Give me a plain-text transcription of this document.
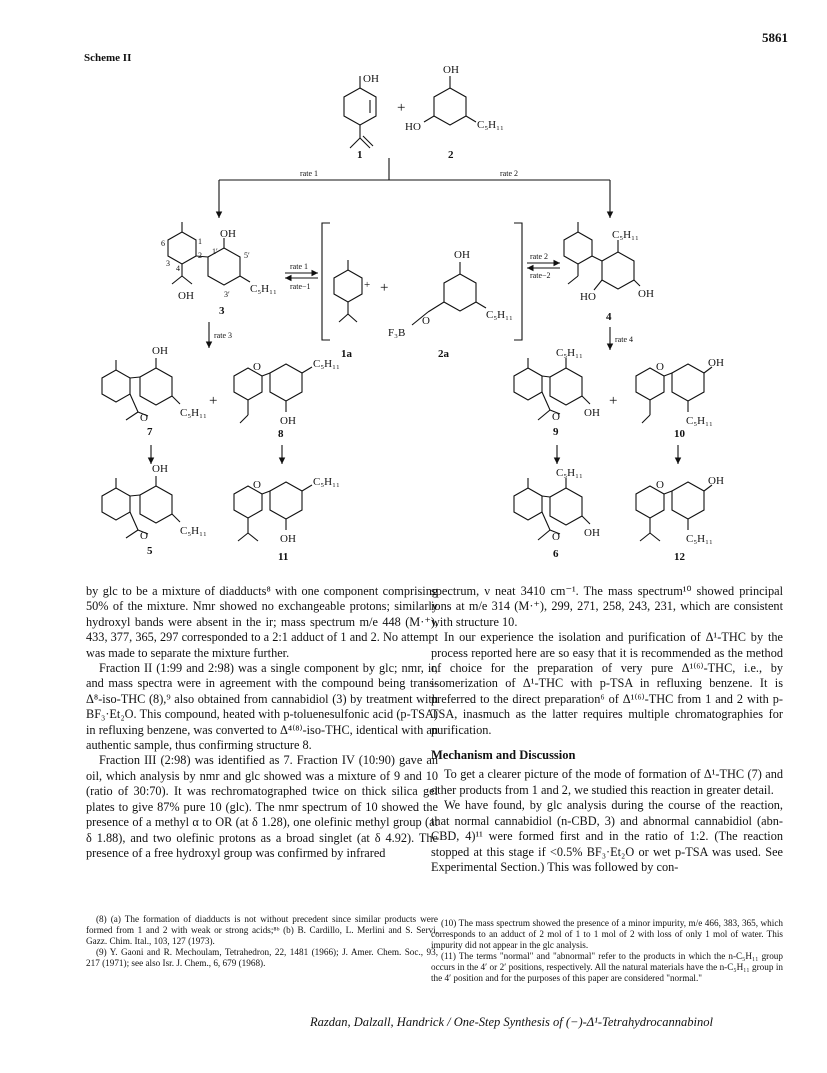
5861
Scheme II
OH
1
+
OH
HO	C₅H₁₁
2
rate 1	rate 2
OH
OH
C₅H₁₁
6	1
2
3
4
5′
1′
3′
3
rate 1
rate−1	+
1a
+
OH
F₃B
O	C₅H₁₁
2a
rate 2
rate−2
C₅H₁₁
HO	OH
4
rate 3	rate 4
OH
O	C₅H₁₁
7
+
O	C₅H₁₁
OH
8
C₅H₁₁
O OH
9
+
O	OH
C₅H₁₁
10
OH
O	C₅H₁₁
5
O	C₅H₁₁
OH
11
C₅H₁₁
O OH
6
O	OH
C₅H₁₁
12

by glc to be a mixture of diadducts⁸ with one component comprising 50% of the mixture. Nmr showed no exchangeable protons; similarly hydroxyl bands were absent in the ir; mass spectrum m/e 448 (M·⁺), 433, 377, 365, 297 corresponded to a 2:1 adduct of 1 and 2. No attempt was made to separate the mixture further.

Fraction II (1:99 and 2:98) was a single component by glc; nmr, ir, and mass spectra were in agreement with the compound being trans-Δ⁸-iso-THC (8),⁹ also obtained from cannabidiol (3) by treatment with BF₃·Et₂O. This compound, heated with p-toluenesulfonic acid (p-TSA) in refluxing benzene, was converted to Δ⁴⁽⁸⁾-iso-THC, identical with an authentic sample, thus confirming structure 8.

Fraction III (2:98) was identified as 7. Fraction IV (10:90) gave an oil, which analysis by nmr and glc showed was a mixture of 9 and 10 (ratio of 30:70). It was rechromatographed twice on thick silica gel plates to give 87% pure 10 (glc). The nmr spectrum of 10 showed the presence of a methyl α to OR (at δ 1.28), one olefinic methyl group (at δ 1.88), and two olefinic protons as a broad singlet (at δ 4.92). The presence of a free hydroxyl group was confirmed by infrared

spectrum, ν neat 3410 cm⁻¹. The mass spectrum¹⁰ showed principal ions at m/e 314 (M·⁺), 299, 271, 258, 243, 231, which are consistent with structure 10.

In our experience the isolation and purification of Δ¹-THC by the process reported here are so easy that it is recommended as the method of choice for the preparation of very pure Δ¹⁽⁶⁾-THC, i.e., by isomerization of Δ¹-THC with p-TSA in refluxing benzene. It is preferred to the direct preparation⁶ of Δ¹⁽⁶⁾-THC from 1 and 2 with p-TSA, inasmuch as the latter requires multiple chromatographies for purification.

Mechanism and Discussion

To get a clearer picture of the mode of formation of Δ¹-THC (7) and other products from 1 and 2, we studied this reaction in greater detail.

We have found, by glc analysis during the course of the reaction, that normal cannabidiol (n-CBD, 3) and abnormal cannabidiol (abn-CBD, 4)¹¹ were formed first and in the ratio of 1:2. (The reaction stopped at this stage if <0.5% BF₃·Et₂O or wet p-TSA was used. See Experimental Section.) This was followed by con-

(8) (a) The formation of diadducts is not without precedent since similar products were formed from 1 and 2 with weak or strong acids;⁸ᵇ (b) B. Cardillo, L. Merlini and S. Servi, Gazz. Chim. Ital., 103, 127 (1973).

(9) Y. Gaoni and R. Mechoulam, Tetrahedron, 22, 1481 (1966); J. Amer. Chem. Soc., 93, 217 (1971); see also Isr. J. Chem., 6, 679 (1968).

(10) The mass spectrum showed the presence of a minor impurity, m/e 466, 383, 365, which corresponds to an adduct of 2 mol of 1 to 1 mol of 2 with loss of only 1 mol of water. This impurity did not appear in the glc analysis.

(11) The terms "normal" and "abnormal" refer to the products in which the n-C₅H₁₁ group occurs in the 4′ or 2′ positions, respectively. All the natural materials have the n-C₅H₁₁ group in the 4′ position and for the purposes of this paper are considered "normal."

Razdan, Dalzall, Handrick / One-Step Synthesis of (−)-Δ¹-Tetrahydrocannabinol
